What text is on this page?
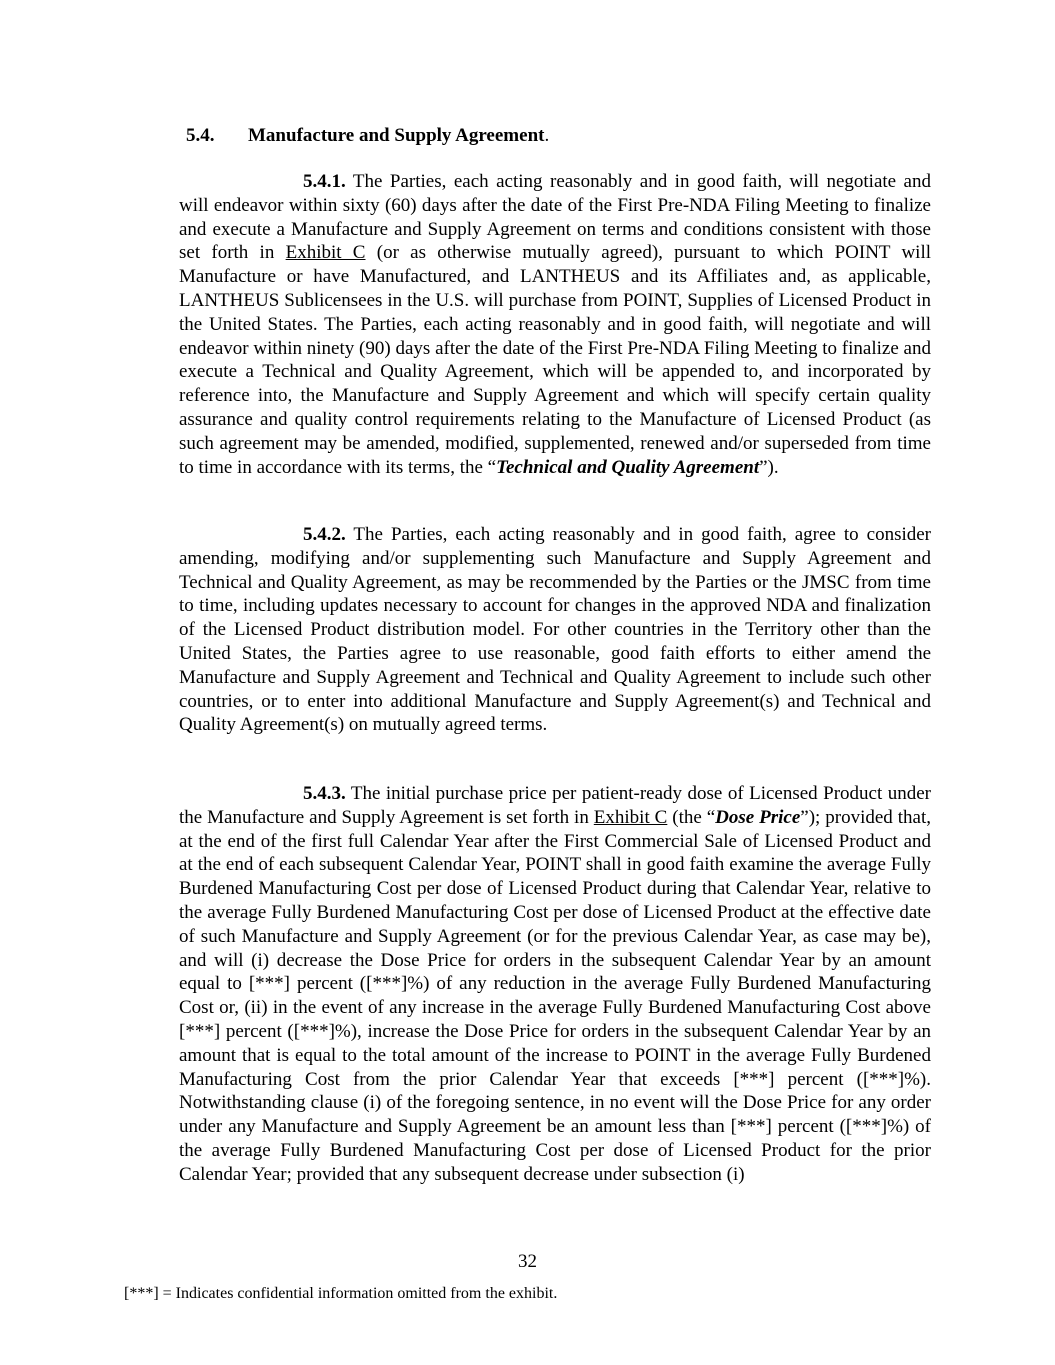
5.4. Manufacture and Supply Agreement.

5.4.1. The Parties, each acting reasonably and in good faith, will negotiate and will endeavor within sixty (60) days after the date of the First Pre-NDA Filing Meeting to finalize and execute a Manufacture and Supply Agreement on terms and conditions consistent with those set forth in Exhibit C (or as otherwise mutually agreed), pursuant to which POINT will Manufacture or have Manufactured, and LANTHEUS and its Affiliates and, as applicable, LANTHEUS Sublicensees in the U.S. will purchase from POINT, Supplies of Licensed Product in the United States. The Parties, each acting reasonably and in good faith, will negotiate and will endeavor within ninety (90) days after the date of the First Pre-NDA Filing Meeting to finalize and execute a Technical and Quality Agreement, which will be appended to, and incorporated by reference into, the Manufacture and Supply Agreement and which will specify certain quality assurance and quality control requirements relating to the Manufacture of Licensed Product (as such agreement may be amended, modified, supplemented, renewed and/or superseded from time to time in accordance with its terms, the “Technical and Quality Agreement”).

5.4.2. The Parties, each acting reasonably and in good faith, agree to consider amending, modifying and/or supplementing such Manufacture and Supply Agreement and Technical and Quality Agreement, as may be recommended by the Parties or the JMSC from time to time, including updates necessary to account for changes in the approved NDA and finalization of the Licensed Product distribution model. For other countries in the Territory other than the United States, the Parties agree to use reasonable, good faith efforts to either amend the Manufacture and Supply Agreement and Technical and Quality Agreement to include such other countries, or to enter into additional Manufacture and Supply Agreement(s) and Technical and Quality Agreement(s) on mutually agreed terms.

5.4.3. The initial purchase price per patient-ready dose of Licensed Product under the Manufacture and Supply Agreement is set forth in Exhibit C (the “Dose Price”); provided that, at the end of the first full Calendar Year after the First Commercial Sale of Licensed Product and at the end of each subsequent Calendar Year, POINT shall in good faith examine the average Fully Burdened Manufacturing Cost per dose of Licensed Product during that Calendar Year, relative to the average Fully Burdened Manufacturing Cost per dose of Licensed Product at the effective date of such Manufacture and Supply Agreement (or for the previous Calendar Year, as case may be), and will (i) decrease the Dose Price for orders in the subsequent Calendar Year by an amount equal to [***] percent ([***]%) of any reduction in the average Fully Burdened Manufacturing Cost or, (ii) in the event of any increase in the average Fully Burdened Manufacturing Cost above [***] percent ([***]%), increase the Dose Price for orders in the subsequent Calendar Year by an amount that is equal to the total amount of the increase to POINT in the average Fully Burdened Manufacturing Cost from the prior Calendar Year that exceeds [***] percent ([***]%). Notwithstanding clause (i) of the foregoing sentence, in no event will the Dose Price for any order under any Manufacture and Supply Agreement be an amount less than [***] percent ([***]%) of the average Fully Burdened Manufacturing Cost per dose of Licensed Product for the prior Calendar Year; provided that any subsequent decrease under subsection (i)

32
[***] = Indicates confidential information omitted from the exhibit.
